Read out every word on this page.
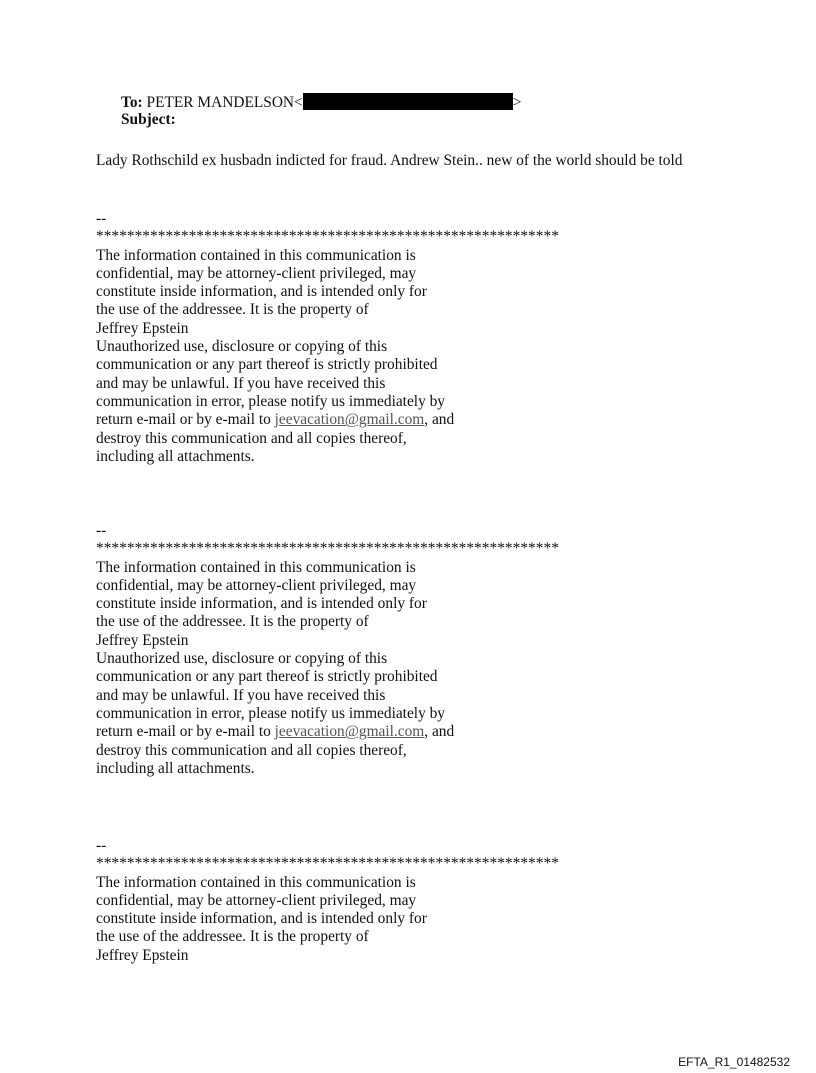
To: PETER MANDELSON<	>
Subject:
Lady Rothschild ex husbadn indicted for fraud. Andrew Stein.. new of the world should be told
--
************************************************************

The information contained in this communication is

confidential, may be attorney-client privileged, may

constitute inside information, and is intended only for

the use of the addressee. It is the property of

Jeffrey Epstein

Unauthorized use, disclosure or copying of this

communication or any part thereof is strictly prohibited

and may be unlawful. If you have received this

communication in error, please notify us immediately by

return e-mail or by e-mail to jeevacation@gmail.com, and

destroy this communication and all copies thereof,

including all attachments.

--
************************************************************

The information contained in this communication is

confidential, may be attorney-client privileged, may

constitute inside information, and is intended only for

the use of the addressee. It is the property of

Jeffrey Epstein

Unauthorized use, disclosure or copying of this

communication or any part thereof is strictly prohibited

and may be unlawful. If you have received this

communication in error, please notify us immediately by

return e-mail or by e-mail to jeevacation@gmail.com, and

destroy this communication and all copies thereof,

including all attachments.

--
************************************************************

The information contained in this communication is

confidential, may be attorney-client privileged, may

constitute inside information, and is intended only for

the use of the addressee. It is the property of

Jeffrey Epstein

EFTA_R1_01482532
